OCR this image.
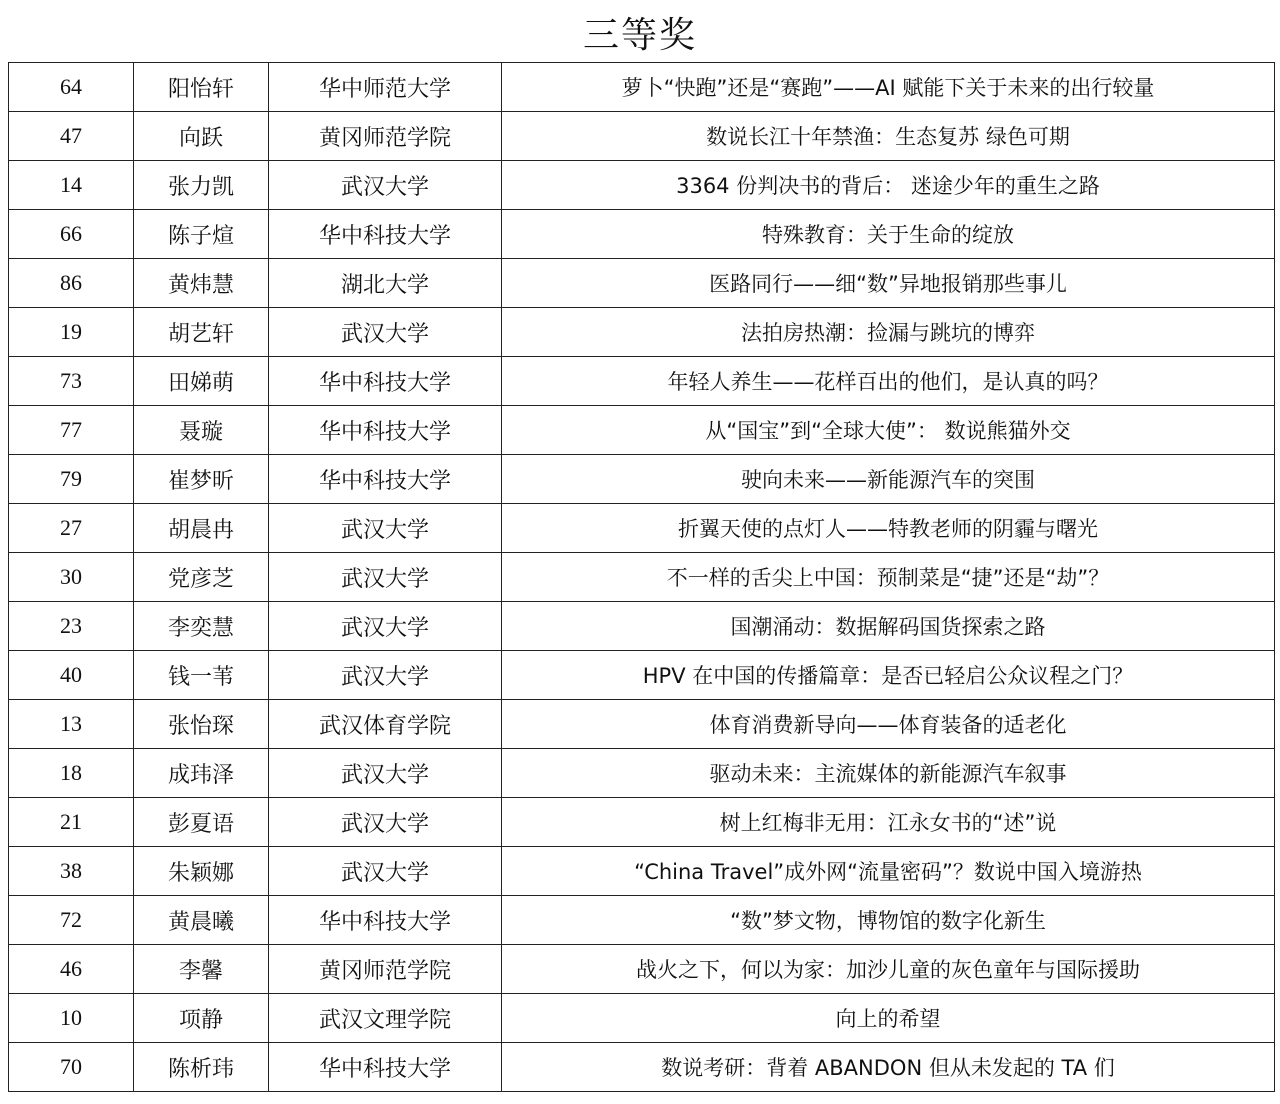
三等奖
64	阳怡轩	华中师范大学	萝卜“快跑”还是“赛跑”——AI 赋能下关于未来的出行较量
47	向跃	黄冈师范学院	数说长江十年禁渔：生态复苏 绿色可期
14	张力凯	武汉大学	3364 份判决书的背后： 迷途少年的重生之路
66	陈子煊	华中科技大学	特殊教育：关于生命的绽放
86	黄炜慧	湖北大学	医路同行——细“数”异地报销那些事儿
19	胡艺轩	武汉大学	法拍房热潮：捡漏与跳坑的博弈
73	田娣萌	华中科技大学	年轻人养生——花样百出的他们，是认真的吗？
77	聂璇	华中科技大学	从“国宝”到“全球大使”： 数说熊猫外交
79	崔梦昕	华中科技大学	驶向未来——新能源汽车的突围
27	胡晨冉	武汉大学	折翼天使的点灯人——特教老师的阴霾与曙光
30	党彦芝	武汉大学	不一样的舌尖上中国：预制菜是“捷”还是“劫”？
23	李奕慧	武汉大学	国潮涌动：数据解码国货探索之路
40	钱一苇	武汉大学	HPV 在中国的传播篇章：是否已轻启公众议程之门？
13	张怡琛	武汉体育学院	体育消费新导向——体育装备的适老化
18	成玮泽	武汉大学	驱动未来：主流媒体的新能源汽车叙事
21	彭夏语	武汉大学	树上红梅非无用：江永女书的“述”说
38	朱颖娜	武汉大学	“China Travel”成外网“流量密码”？数说中国入境游热
72	黄晨曦	华中科技大学	“数”梦文物，博物馆的数字化新生
46	李馨	黄冈师范学院	战火之下，何以为家：加沙儿童的灰色童年与国际援助
10	项静	武汉文理学院	向上的希望
70	陈析玮	华中科技大学	数说考研：背着 ABANDON 但从未发起的 TA 们
